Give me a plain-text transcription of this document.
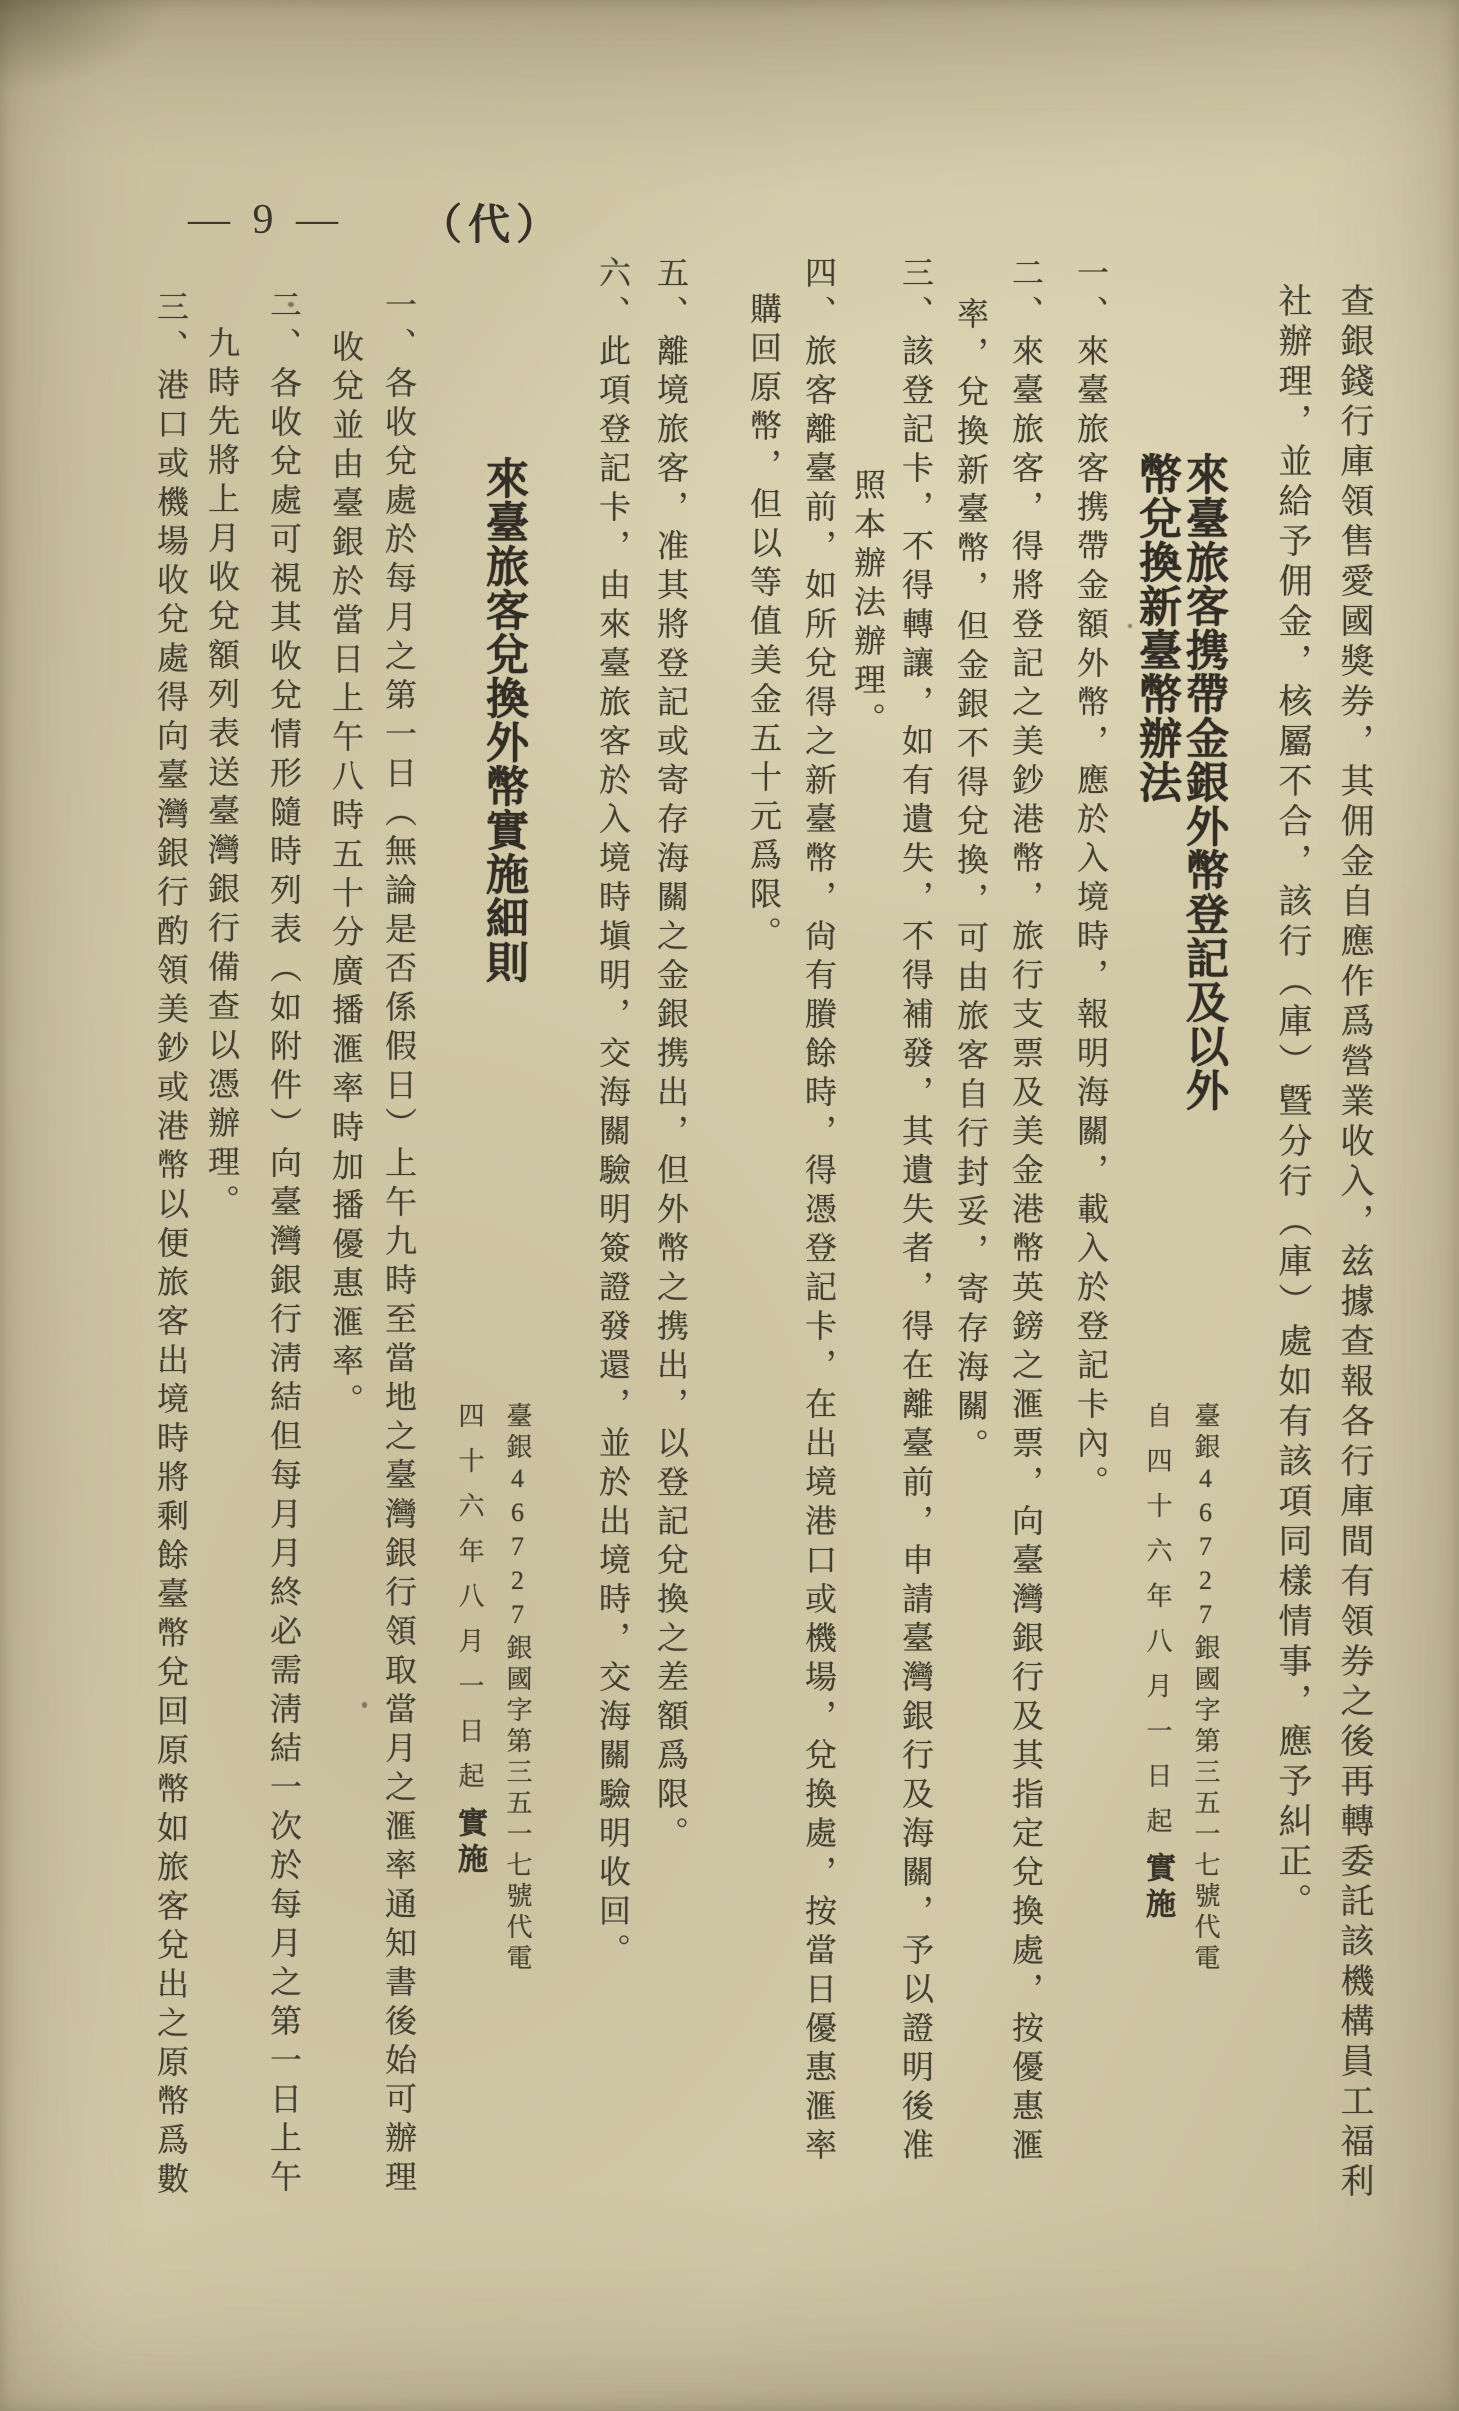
— 9 — （代）
查銀錢行庫領售愛國獎券，其佣金自應作爲營業收入，兹據查報各行庫間有領券之後再轉委託該機構員工福利
社辦理，並給予佣金，核屬不合，該行（庫）曁分行（庫）處如有該項同樣情事，應予糾正。
來臺旅客携帶金銀外幣登記及以外
幣兌換新臺幣辦法
臺銀46727銀國字第三五一七號代電
自四十六年八月一日起實施
一、來臺旅客携帶金額外幣，應於入境時，報明海關，載入於登記卡內。
二、來臺旅客，得將登記之美鈔港幣，旅行支票及美金港幣英鎊之滙票，向臺灣銀行及其指定兌換處，按優惠滙
率，兌換新臺幣，但金銀不得兌換，可由旅客自行封妥，寄存海關。
三、該登記卡，不得轉讓，如有遺失，不得補發，其遺失者，得在離臺前，申請臺灣銀行及海關，予以證明後准
照本辦法辦理。
四、旅客離臺前，如所兌得之新臺幣，尙有賸餘時，得憑登記卡，在出境港口或機場，兌換處，按當日優惠滙率
購回原幣，但以等值美金五十元爲限。
五、離境旅客，准其將登記或寄存海關之金銀携出，但外幣之携出，以登記兌換之差額爲限。
六、此項登記卡，由來臺旅客於入境時塡明，交海關驗明簽證發還，並於出境時，交海關驗明收回。
來臺旅客兌換外幣實施細則
臺銀46727銀國字第三五一七號代電
四十六年八月一日起實施
一、各收兌處於每月之第一日（無論是否係假日）上午九時至當地之臺灣銀行領取當月之滙率通知書後始可辦理
收兌並由臺銀於當日上午八時五十分廣播滙率時加播優惠滙率。
二、各收兌處可視其收兌情形隨時列表（如附件）向臺灣銀行淸結但每月月終必需淸結一次於每月之第一日上午
九時先將上月收兌額列表送臺灣銀行備查以憑辦理。
三、港口或機場收兌處得向臺灣銀行酌領美鈔或港幣以便旅客出境時將剩餘臺幣兌回原幣如旅客兌出之原幣爲數
